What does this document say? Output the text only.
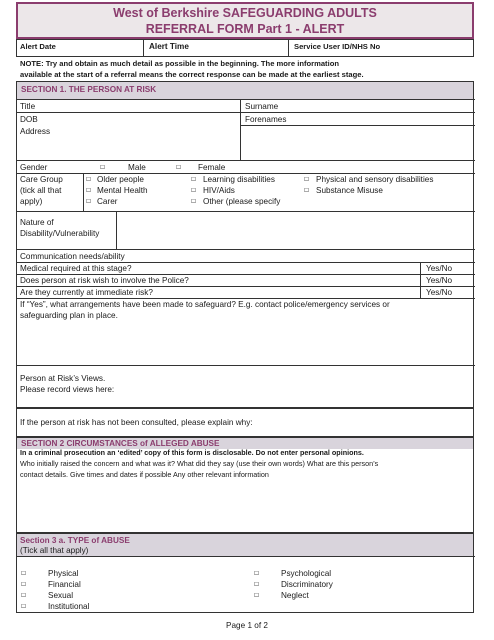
West of Berkshire SAFEGUARDING ADULTS
REFERRAL FORM Part 1 - ALERT
Alert Date	Alert Time	Service User ID/NHS No
NOTE: Try and obtain as much detail as possible in the beginning. The more information
available at the start of a referral means the correct response can be made at the earliest stage.
SECTION 1. THE PERSON AT RISK
Title	Surname
DOB	Forenames
Address
Gender	☐	Male	☐ Female
Care Group
(tick all that
apply)
☐ Older people	☐ Learning disabilities	☐ Physical and sensory disabilities
☐ Mental Health	☐ HIV/Aids	☐ Substance Misuse
☐ Carer	☐ Other (please specify
Nature of
Disability/Vulnerability
Communication needs/ability
Medical required at this stage?	Yes/No
Does person at risk wish to involve the Police?	Yes/No
Are they currently at immediate risk?	Yes/No
If “Yes”, what arrangements have been made to safeguard? E.g. contact police/emergency services or
safeguarding plan in place.
Person at Risk’s Views.
Please record views here:
If the person at risk has not been consulted, please explain why:
SECTION 2 CIRCUMSTANCES of ALLEGED ABUSE
In a criminal prosecution an ‘edited’ copy of this form is disclosable. Do not enter personal opinions.
Who initially raised the concern and what was it? What did they say (use their own words) What are this person’s
contact details. Give times and dates if possible Any other relevant information
Section 3 a. TYPE of ABUSE
(Tick all that apply)
☐	Physical
☐	Financial
☐	Sexual
☐	Institutional
☐	Psychological
☐	Discriminatory
☐	Neglect
Page 1 of 2
